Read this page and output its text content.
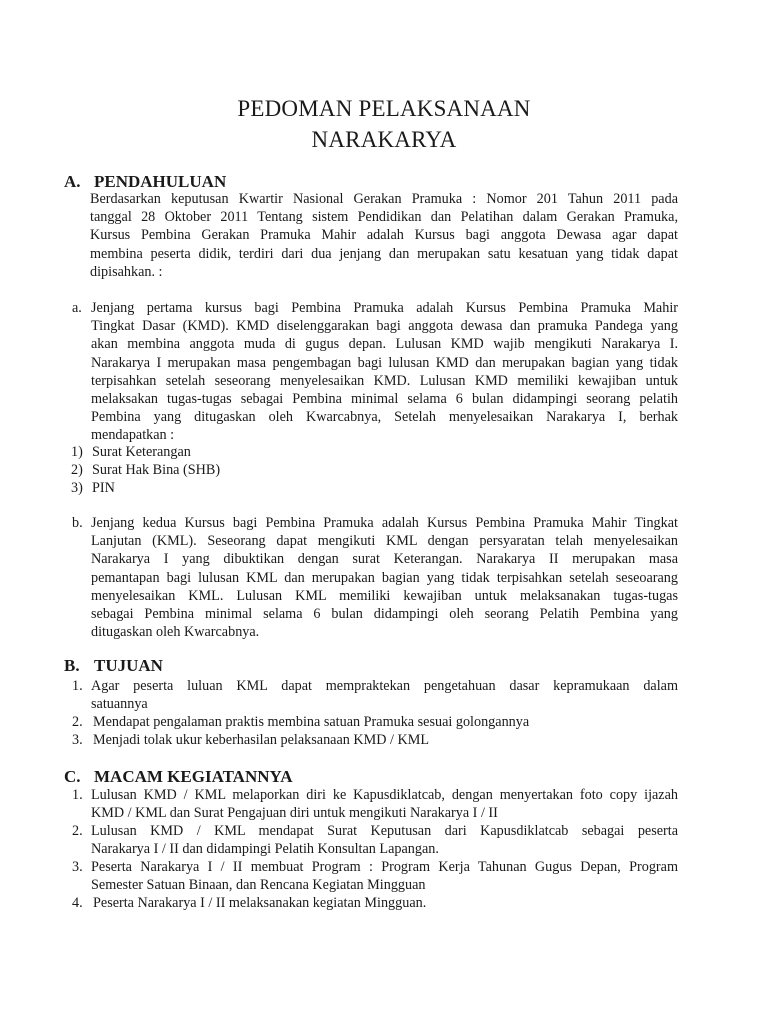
PEDOMAN PELAKSANAAN
NARAKARYA
A. PENDAHULUAN
Berdasarkan keputusan Kwartir Nasional Gerakan Pramuka : Nomor 201 Tahun 2011 pada
tanggal 28 Oktober 2011 Tentang sistem Pendidikan dan Pelatihan dalam Gerakan Pramuka,
Kursus Pembina Gerakan Pramuka Mahir adalah Kursus bagi anggota Dewasa agar dapat
membina peserta didik, terdiri dari dua jenjang dan merupakan satu kesatuan yang tidak dapat
dipisahkan. :
a. Jenjang pertama kursus bagi Pembina Pramuka adalah Kursus Pembina Pramuka Mahir
Tingkat Dasar (KMD). KMD diselenggarakan bagi anggota dewasa dan pramuka Pandega yang
akan membina anggota muda di gugus depan. Lulusan KMD wajib mengikuti Narakarya I.
Narakarya I merupakan masa pengembagan bagi lulusan KMD dan merupakan bagian yang tidak
terpisahkan setelah seseorang menyelesaikan KMD. Lulusan KMD memiliki kewajiban untuk
melaksakan tugas-tugas sebagai Pembina minimal selama 6 bulan didampingi seorang pelatih
Pembina yang ditugaskan oleh Kwarcabnya, Setelah menyelesaikan Narakarya I, berhak
mendapatkan :
1) Surat Keterangan
2) Surat Hak Bina (SHB)
3) PIN
b. Jenjang kedua Kursus bagi Pembina Pramuka adalah Kursus Pembina Pramuka Mahir Tingkat
Lanjutan (KML). Seseorang dapat mengikuti KML dengan persyaratan telah menyelesaikan
Narakarya I yang dibuktikan dengan surat Keterangan. Narakarya II merupakan masa
pemantapan bagi lulusan KML dan merupakan bagian yang tidak terpisahkan setelah seseoarang
menyelesaikan KML. Lulusan KML memiliki kewajiban untuk melaksanakan tugas-tugas
sebagai Pembina minimal selama 6 bulan didampingi oleh seorang Pelatih Pembina yang
ditugaskan oleh Kwarcabnya.
B. TUJUAN
1. Agar peserta luluan KML dapat mempraktekan pengetahuan dasar kepramukaan dalam
satuannya
2. Mendapat pengalaman praktis membina satuan Pramuka sesuai golongannya
3. Menjadi tolak ukur keberhasilan pelaksanaan KMD / KML
C. MACAM KEGIATANNYA
1. Lulusan KMD / KML melaporkan diri ke Kapusdiklatcab, dengan menyertakan foto copy ijazah
KMD / KML dan Surat Pengajuan diri untuk mengikuti Narakarya I / II
2. Lulusan KMD / KML mendapat Surat Keputusan dari Kapusdiklatcab sebagai peserta
Narakarya I / II dan didampingi Pelatih Konsultan Lapangan.
3. Peserta Narakarya I / II membuat Program : Program Kerja Tahunan Gugus Depan, Program
Semester Satuan Binaan, dan Rencana Kegiatan Mingguan
4. Peserta Narakarya I / II melaksanakan kegiatan Mingguan.
